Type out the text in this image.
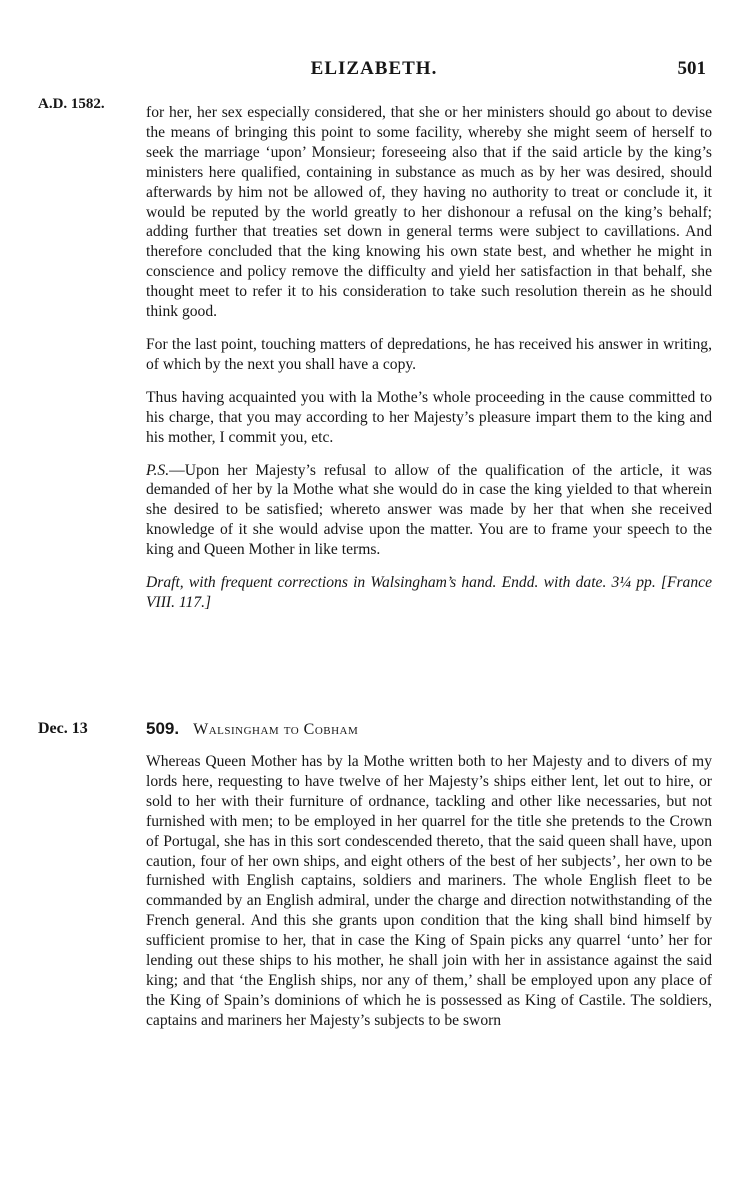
ELIZABETH.	501
A.D. 1582.
Dec. 13

for her, her sex especially considered, that she or her ministers should go about to devise the means of bringing this point to some facility, whereby she might seem of herself to seek the marriage ‘upon’ Monsieur; foreseeing also that if the said article by the king’s ministers here qualified, containing in substance as much as by her was desired, should afterwards by him not be allowed of, they having no authority to treat or conclude it, it would be reputed by the world greatly to her dishonour a refusal on the king’s behalf; adding further that treaties set down in general terms were subject to cavillations. And therefore concluded that the king knowing his own state best, and whether he might in conscience and policy remove the difficulty and yield her satisfaction in that behalf, she thought meet to refer it to his consideration to take such resolution therein as he should think good.

For the last point, touching matters of depredations, he has received his answer in writing, of which by the next you shall have a copy.

Thus having acquainted you with la Mothe’s whole proceeding in the cause committed to his charge, that you may according to her Majesty’s pleasure impart them to the king and his mother, I commit you, etc.

P.S.—Upon her Majesty’s refusal to allow of the qualification of the article, it was demanded of her by la Mothe what she would do in case the king yielded to that wherein she desired to be satisfied; whereto answer was made by her that when she received knowledge of it she would advise upon the matter. You are to frame your speech to the king and Queen Mother in like terms.

Draft, with frequent corrections in Walsingham’s hand. Endd. with date. 3¼ pp. [France VIII. 117.]

509. Walsingham to Cobham

Whereas Queen Mother has by la Mothe written both to her Majesty and to divers of my lords here, requesting to have twelve of her Majesty’s ships either lent, let out to hire, or sold to her with their furniture of ordnance, tackling and other like necessaries, but not furnished with men; to be employed in her quarrel for the title she pretends to the Crown of Portugal, she has in this sort condescended thereto, that the said queen shall have, upon caution, four of her own ships, and eight others of the best of her subjects’, her own to be furnished with English captains, soldiers and mariners. The whole English fleet to be commanded by an English admiral, under the charge and direction notwithstanding of the French general. And this she grants upon condition that the king shall bind himself by sufficient promise to her, that in case the King of Spain picks any quarrel ‘unto’ her for lending out these ships to his mother, he shall join with her in assistance against the said king; and that ‘the English ships, nor any of them,’ shall be employed upon any place of the King of Spain’s dominions of which he is possessed as King of Castile. The soldiers, captains and mariners her Majesty’s subjects to be sworn
